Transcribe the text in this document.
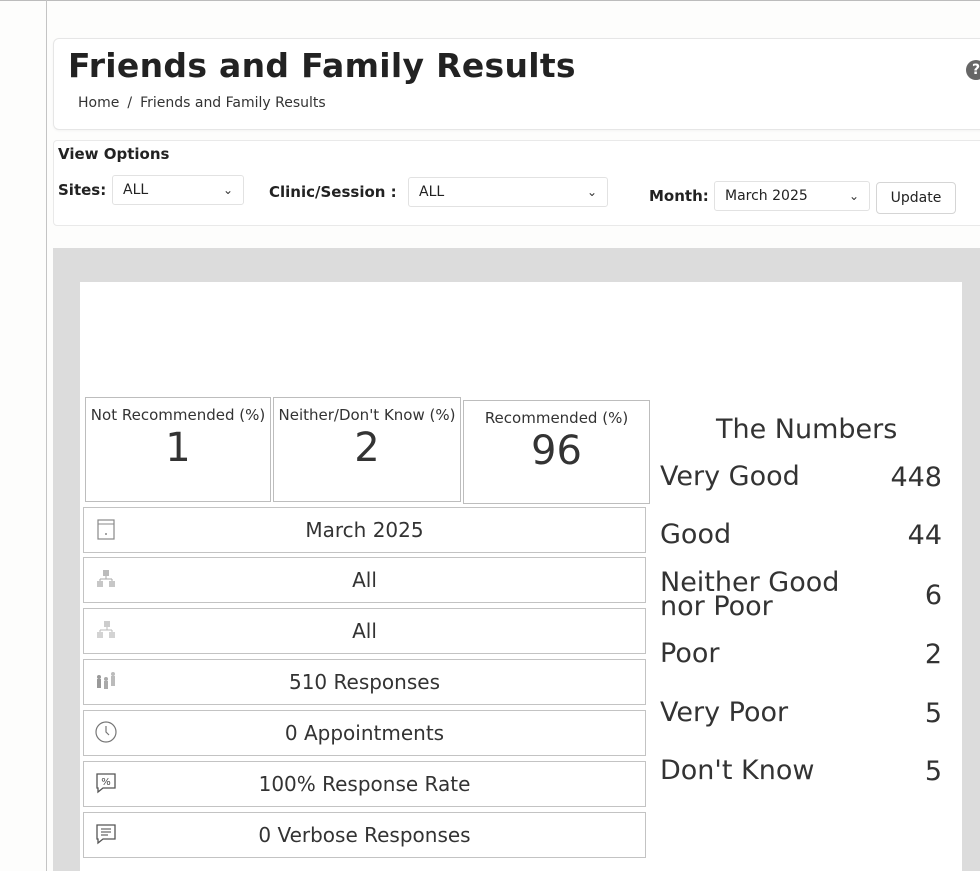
Friends and Family Results
Home / Friends and Family Results
?
View Options
Sites:	ALL	⌄ Clinic/Session :	ALL	⌄	Month:	March 2025	⌄	Update
Not Recommended (%)
1
Neither/Don't Know (%)
2
Recommended (%)
96
March 2025
All
All
510 Responses
0 Appointments
%	100% Response Rate
0 Verbose Responses
The Numbers
Very Good	448
Good	44
Neither Good nor Poor	6
Poor	2
Very Poor	5
Don't Know	5
